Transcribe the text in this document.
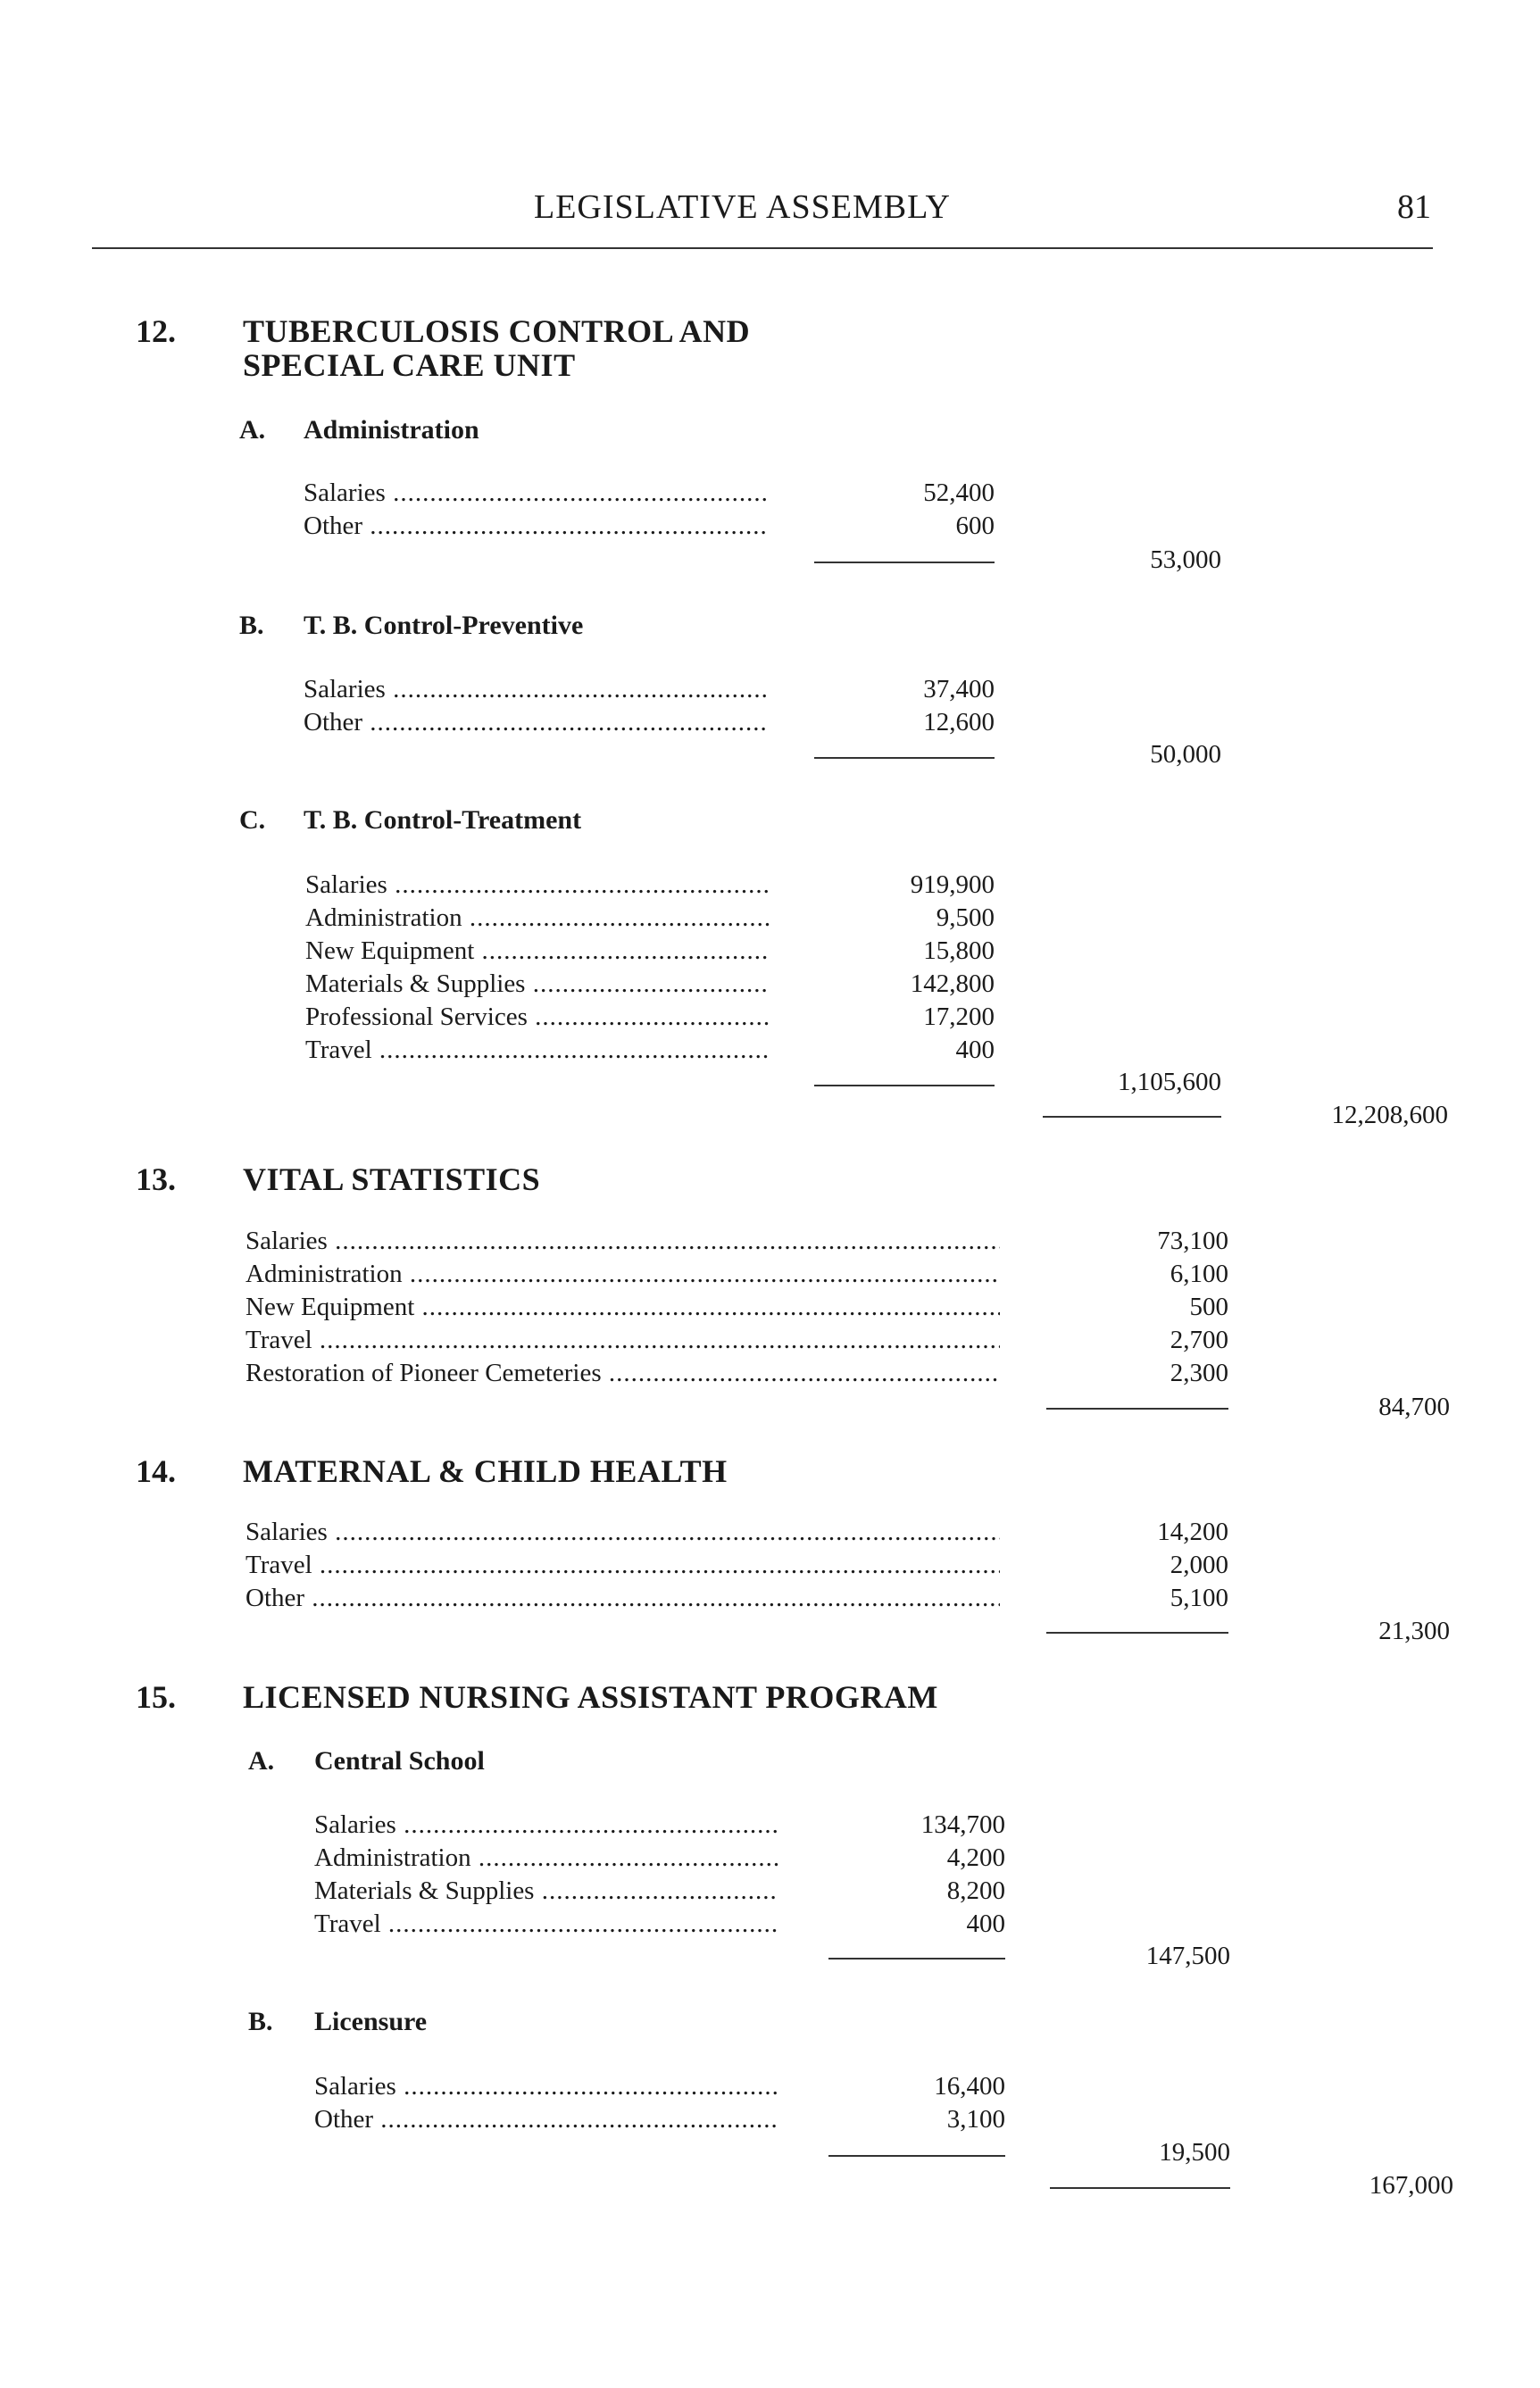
LEGISLATIVE ASSEMBLY	81
12. TUBERCULOSIS CONTROL AND
SPECIAL CARE UNIT
A. Administration
Salaries .....	52,400
Other .....	600
53,000
B. T. B. Control-Preventive
Salaries .....	37,400
Other .....	12,600
50,000
C. T. B. Control-Treatment
Salaries .....	919,900
Administration .....	9,500
New Equipment .....	15,800
Materials & Supplies .....	142,800
Professional Services .....	17,200
Travel .....	400
1,105,600
12,208,600
13. VITAL STATISTICS
Salaries .....	73,100
Administration .....	6,100
New Equipment .....	500
Travel .....	2,700
Restoration of Pioneer Cemeteries .....	2,300
84,700
14. MATERNAL & CHILD HEALTH
Salaries .....	14,200
Travel .....	2,000
Other .....	5,100
21,300
15. LICENSED NURSING ASSISTANT PROGRAM
A. Central School
Salaries .....	134,700
Administration .....	4,200
Materials & Supplies .....	8,200
Travel .....	400
147,500
B. Licensure
Salaries .....	16,400
Other .....	3,100
19,500
167,000
